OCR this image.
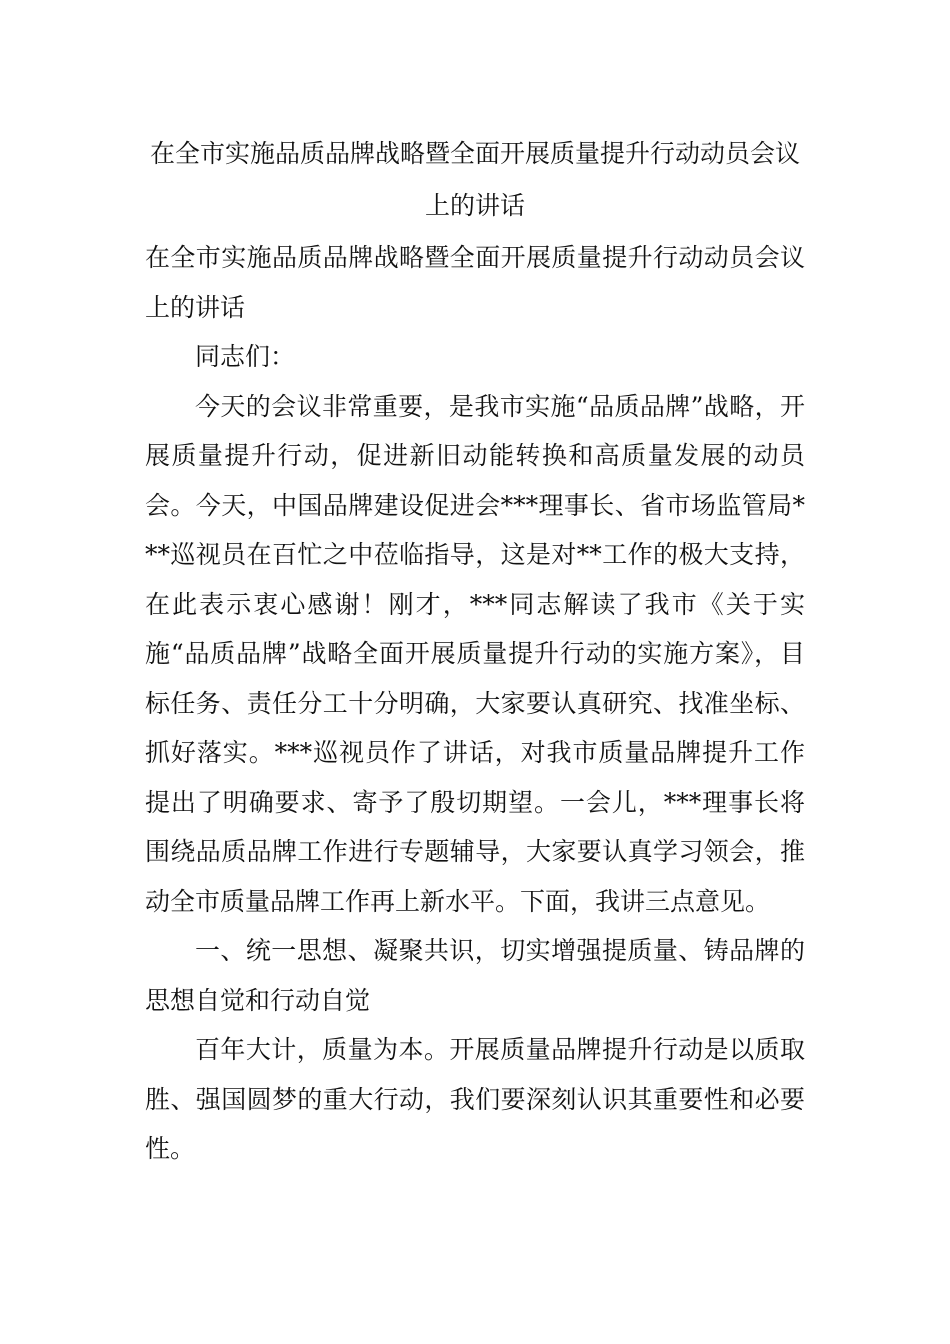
在全市实施品质品牌战略暨全面开展质量提升行动动员会议上的讲话

在全市实施品质品牌战略暨全面开展质量提升行动动员会议上的讲话

同志们：

今天的会议非常重要，是我市实施“品质品牌”战略，开展质量提升行动，促进新旧动能转换和高质量发展的动员会。今天，中国品牌建设促进会***理事长、省市场监管局***巡视员在百忙之中莅临指导，这是对**工作的极大支持，在此表示衷心感谢！刚才，***同志解读了我市《关于实施“品质品牌”战略全面开展质量提升行动的实施方案》，目标任务、责任分工十分明确，大家要认真研究、找准坐标、抓好落实。***巡视员作了讲话，对我市质量品牌提升工作提出了明确要求、寄予了殷切期望。一会儿，***理事长将围绕品质品牌工作进行专题辅导，大家要认真学习领会，推动全市质量品牌工作再上新水平。下面，我讲三点意见。

一、统一思想、凝聚共识，切实增强提质量、铸品牌的思想自觉和行动自觉

百年大计，质量为本。开展质量品牌提升行动是以质取胜、强国圆梦的重大行动，我们要深刻认识其重要性和必要性。
